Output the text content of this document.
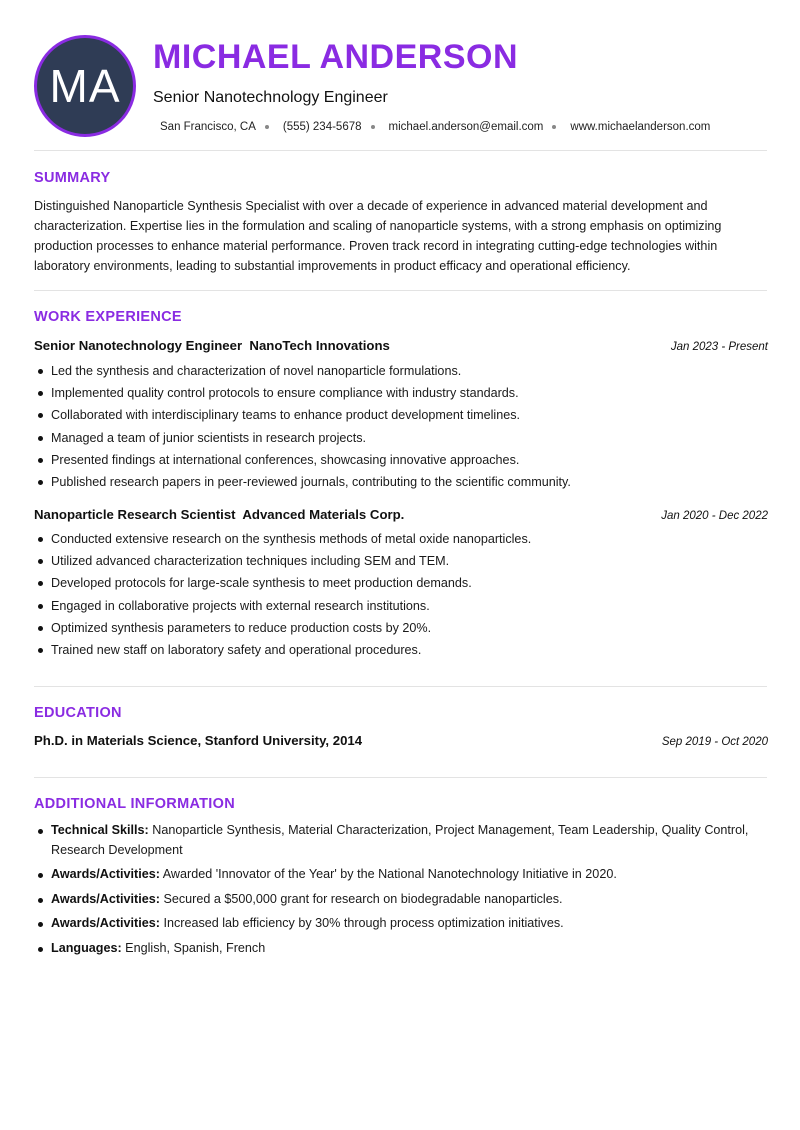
MA
MICHAEL ANDERSON
Senior Nanotechnology Engineer
San Francisco, CA (555) 234-5678 michael.anderson@email.com www.michaelanderson.com
SUMMARY

Distinguished Nanoparticle Synthesis Specialist with over a decade of experience in advanced material development and characterization. Expertise lies in the formulation and scaling of nanoparticle systems, with a strong emphasis on optimizing production processes to enhance material performance. Proven track record in integrating cutting-edge technologies within laboratory environments, leading to substantial improvements in product efficacy and operational efficiency.

WORK EXPERIENCE
Senior Nanotechnology Engineer  NanoTech Innovations	Jan 2023 - Present
Led the synthesis and characterization of novel nanoparticle formulations.
Implemented quality control protocols to ensure compliance with industry standards.
Collaborated with interdisciplinary teams to enhance product development timelines.
Managed a team of junior scientists in research projects.
Presented findings at international conferences, showcasing innovative approaches.
Published research papers in peer-reviewed journals, contributing to the scientific community.
Nanoparticle Research Scientist  Advanced Materials Corp.	Jan 2020 - Dec 2022
Conducted extensive research on the synthesis methods of metal oxide nanoparticles.
Utilized advanced characterization techniques including SEM and TEM.
Developed protocols for large-scale synthesis to meet production demands.
Engaged in collaborative projects with external research institutions.
Optimized synthesis parameters to reduce production costs by 20%.
Trained new staff on laboratory safety and operational procedures.
EDUCATION
Ph.D. in Materials Science, Stanford University, 2014	Sep 2019 - Oct 2020
ADDITIONAL INFORMATION
Technical Skills: Nanoparticle Synthesis, Material Characterization, Project Management, Team Leadership, Quality Control, Research Development
Awards/Activities: Awarded 'Innovator of the Year' by the National Nanotechnology Initiative in 2020.
Awards/Activities: Secured a $500,000 grant for research on biodegradable nanoparticles.
Awards/Activities: Increased lab efficiency by 30% through process optimization initiatives.
Languages: English, Spanish, French
